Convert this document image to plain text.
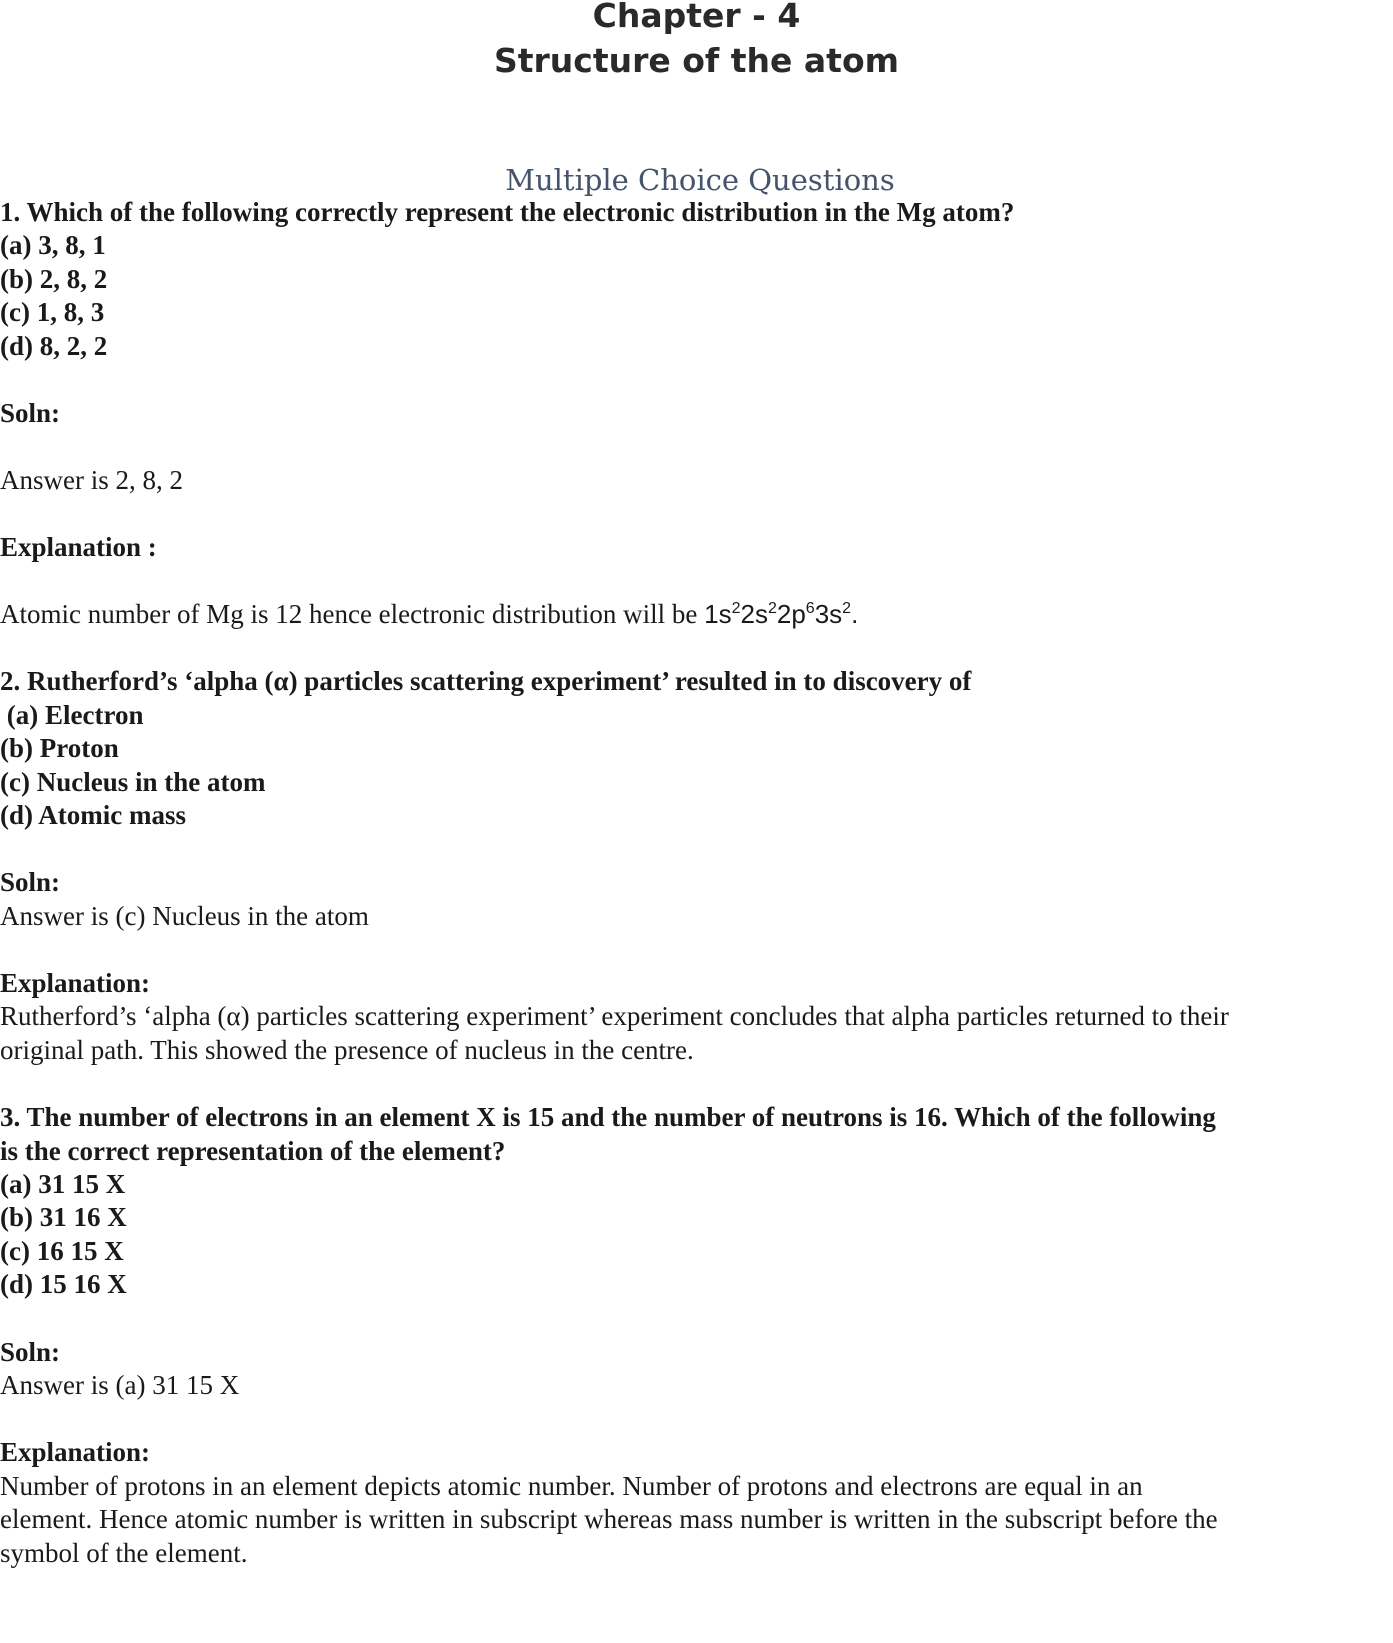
Chapter - 4
Structure of the atom
Multiple Choice Questions
1. Which of the following correctly represent the electronic distribution in the Mg atom?
(a) 3, 8, 1
(b) 2, 8, 2
(c) 1, 8, 3
(d) 8, 2, 2
Soln:
Answer is 2, 8, 2
Explanation :
Atomic number of Mg is 12 hence electronic distribution will be $1s^22s^22p^63s^2$.
2. Rutherford’s ‘alpha (α) particles scattering experiment’ resulted in to discovery of
(a) Electron
(b) Proton
(c) Nucleus in the atom
(d) Atomic mass
Soln:
Answer is (c) Nucleus in the atom
Explanation:
Rutherford’s ‘alpha (α) particles scattering experiment’ experiment concludes that alpha particles returned to their
original path. This showed the presence of nucleus in the centre.
3. The number of electrons in an element X is 15 and the number of neutrons is 16. Which of the following
is the correct representation of the element?
(a) 31 15 X
(b) 31 16 X
(c) 16 15 X
(d) 15 16 X
Soln:
Answer is (a) 31 15 X
Explanation:
Number of protons in an element depicts atomic number. Number of protons and electrons are equal in an
element. Hence atomic number is written in subscript whereas mass number is written in the subscript before the
symbol of the element.
